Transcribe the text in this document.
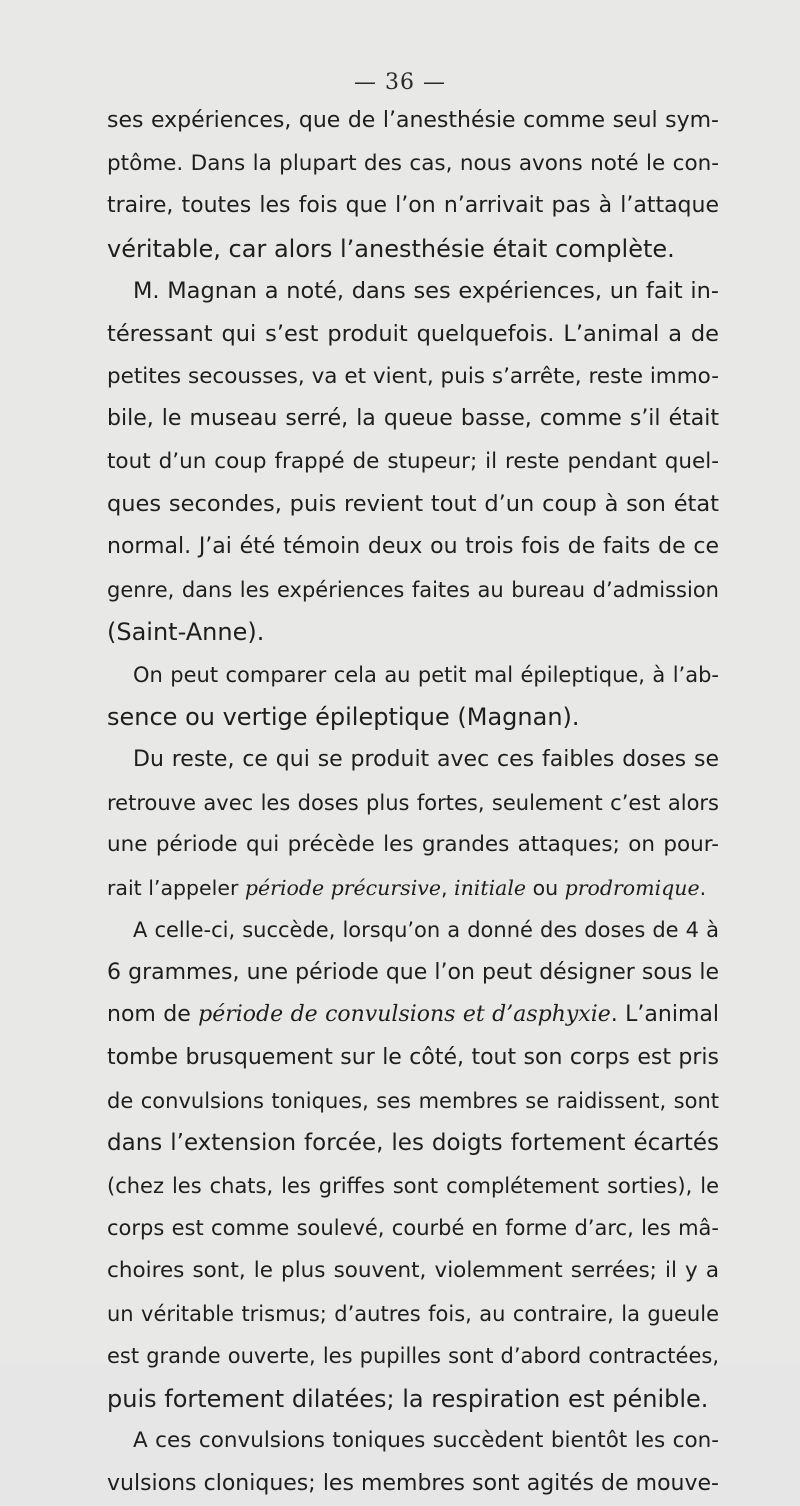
— 36 —
ses expériences, que de l’anesthésie comme seul sym-
ptôme. Dans la plupart des cas, nous avons noté le con-
traire, toutes les fois que l’on n’arrivait pas à l’attaque
véritable, car alors l’anesthésie était complète.
M. Magnan a noté, dans ses expériences, un fait in-
téressant qui s’est produit quelquefois. L’animal a de
petites secousses, va et vient, puis s’arrête, reste immo-
bile, le museau serré, la queue basse, comme s’il était
tout d’un coup frappé de stupeur; il reste pendant quel-
ques secondes, puis revient tout d’un coup à son état
normal. J’ai été témoin deux ou trois fois de faits de ce
genre, dans les expériences faites au bureau d’admission
(Saint-Anne).
On peut comparer cela au petit mal épileptique, à l’ab-
sence ou vertige épileptique (Magnan).
Du reste, ce qui se produit avec ces faibles doses se
retrouve avec les doses plus fortes, seulement c’est alors
une période qui précède les grandes attaques; on pour-
rait l’appeler période précursive, initiale ou prodromique.
A celle-ci, succède, lorsqu’on a donné des doses de 4 à
6 grammes, une période que l’on peut désigner sous le
nom de période de convulsions et d’asphyxie. L’animal
tombe brusquement sur le côté, tout son corps est pris
de convulsions toniques, ses membres se raidissent, sont
dans l’extension forcée, les doigts fortement écartés
(chez les chats, les griffes sont complétement sorties), le
corps est comme soulevé, courbé en forme d’arc, les mâ-
choires sont, le plus souvent, violemment serrées; il y a
un véritable trismus; d’autres fois, au contraire, la gueule
est grande ouverte, les pupilles sont d’abord contractées,
puis fortement dilatées; la respiration est pénible.
A ces convulsions toniques succèdent bientôt les con-
vulsions cloniques; les membres sont agités de mouve-
